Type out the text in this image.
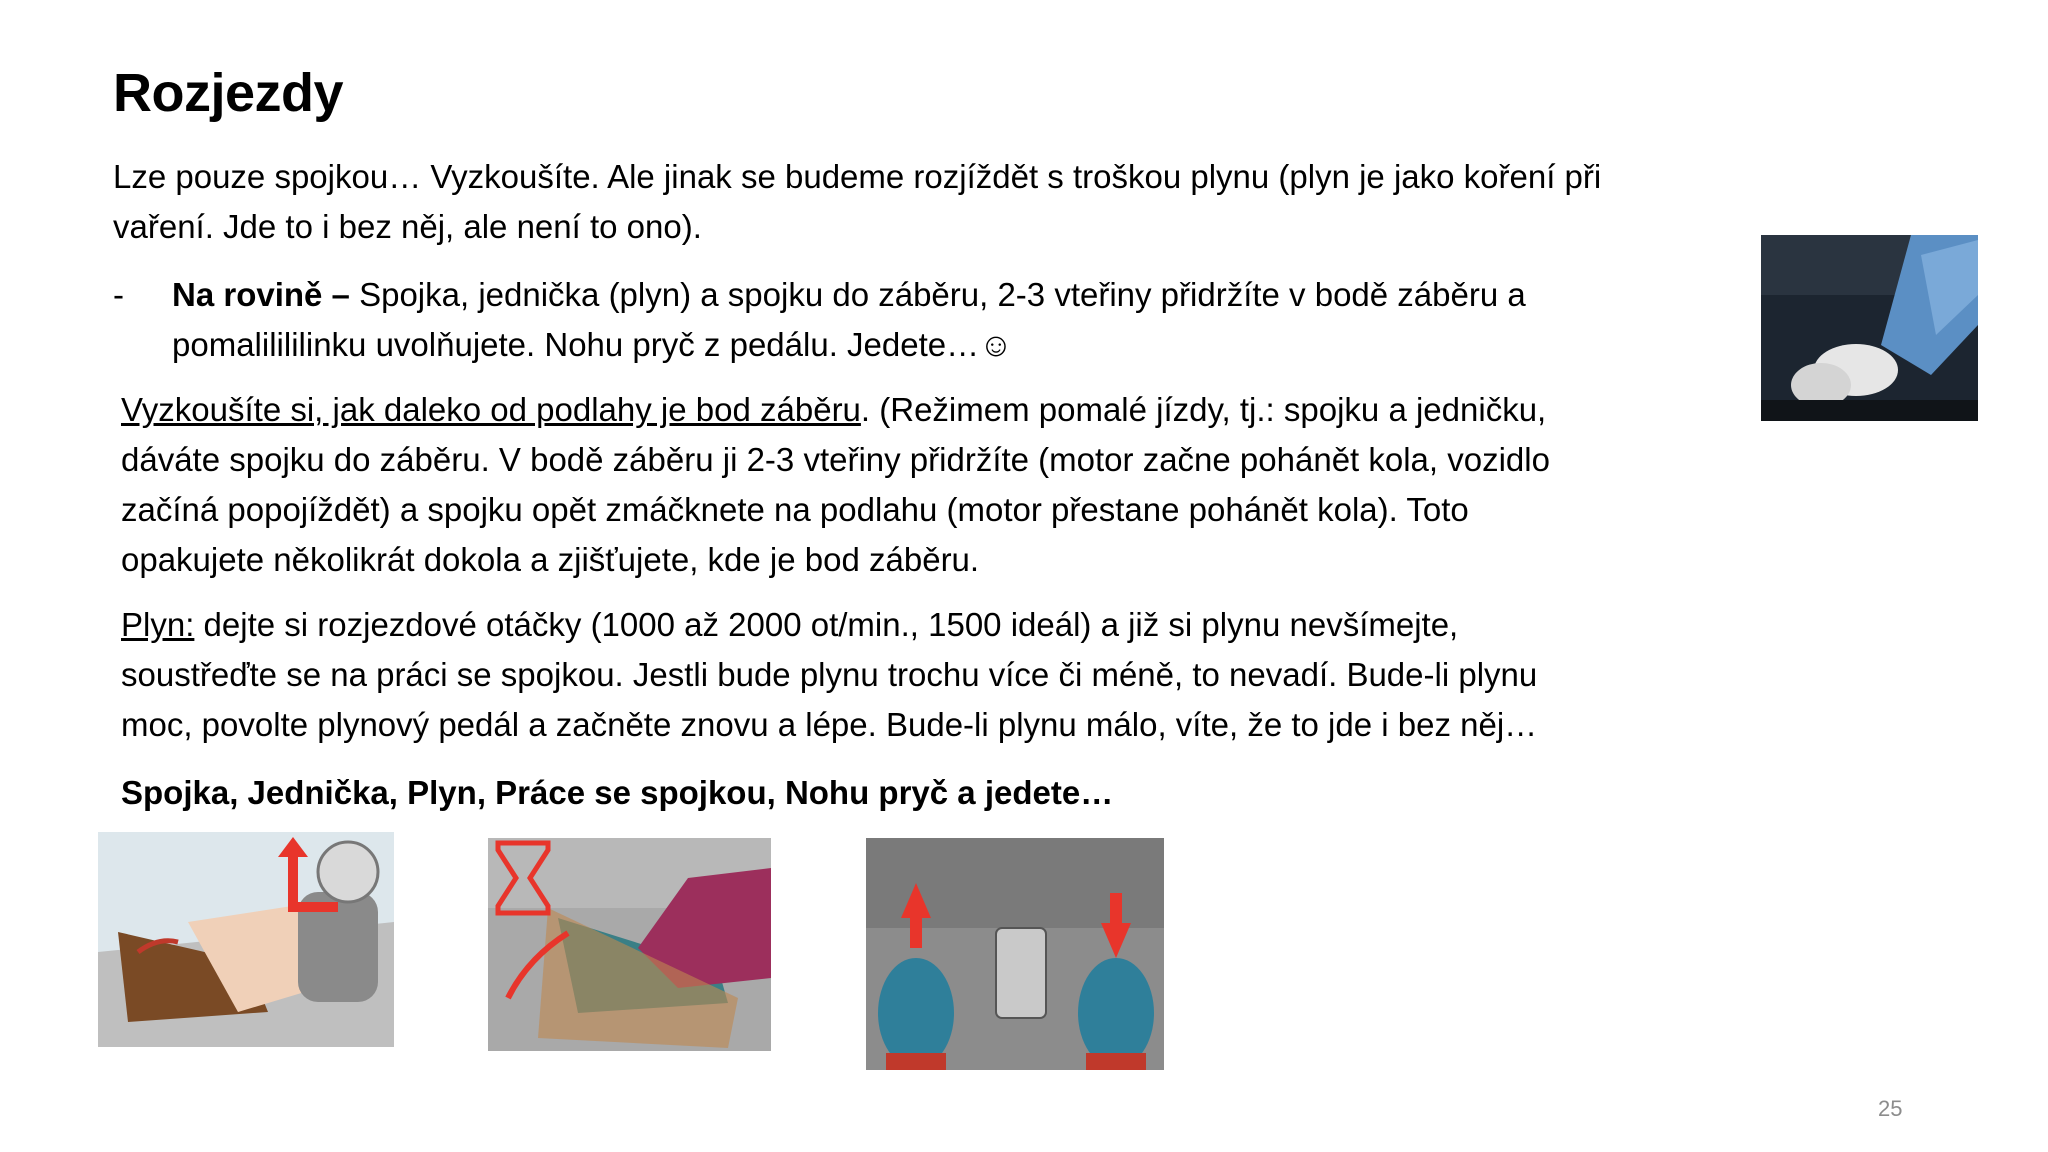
Rozjezdy
Lze pouze spojkou… Vyzkoušíte. Ale jinak se budeme rozjíždět s troškou plynu (plyn je jako koření při
vaření. Jde to i bez něj, ale není to ono).
- Na rovině – Spojka, jednička (plyn) a spojku do záběru, 2-3 vteřiny přidržíte v bodě záběru a
pomalilililinku uvolňujete. Nohu pryč z pedálu. Jedete…☺
Vyzkoušíte si, jak daleko od podlahy je bod záběru. (Režimem pomalé jízdy, tj.: spojku a jedničku,
dáváte spojku do záběru. V bodě záběru ji 2-3 vteřiny přidržíte (motor začne pohánět kola, vozidlo
začíná popojíždět) a spojku opět zmáčknete na podlahu (motor přestane pohánět kola). Toto
opakujete několikrát dokola a zjišťujete, kde je bod záběru.
Plyn: dejte si rozjezdové otáčky (1000 až 2000 ot/min., 1500 ideál) a již si plynu nevšímejte,
soustřeďte se na práci se spojkou. Jestli bude plynu trochu více či méně, to nevadí. Bude-li plynu
moc, povolte plynový pedál a začněte znovu a lépe. Bude-li plynu málo, víte, že to jde i bez něj…
Spojka, Jednička, Plyn, Práce se spojkou, Nohu pryč a jedete…
25
